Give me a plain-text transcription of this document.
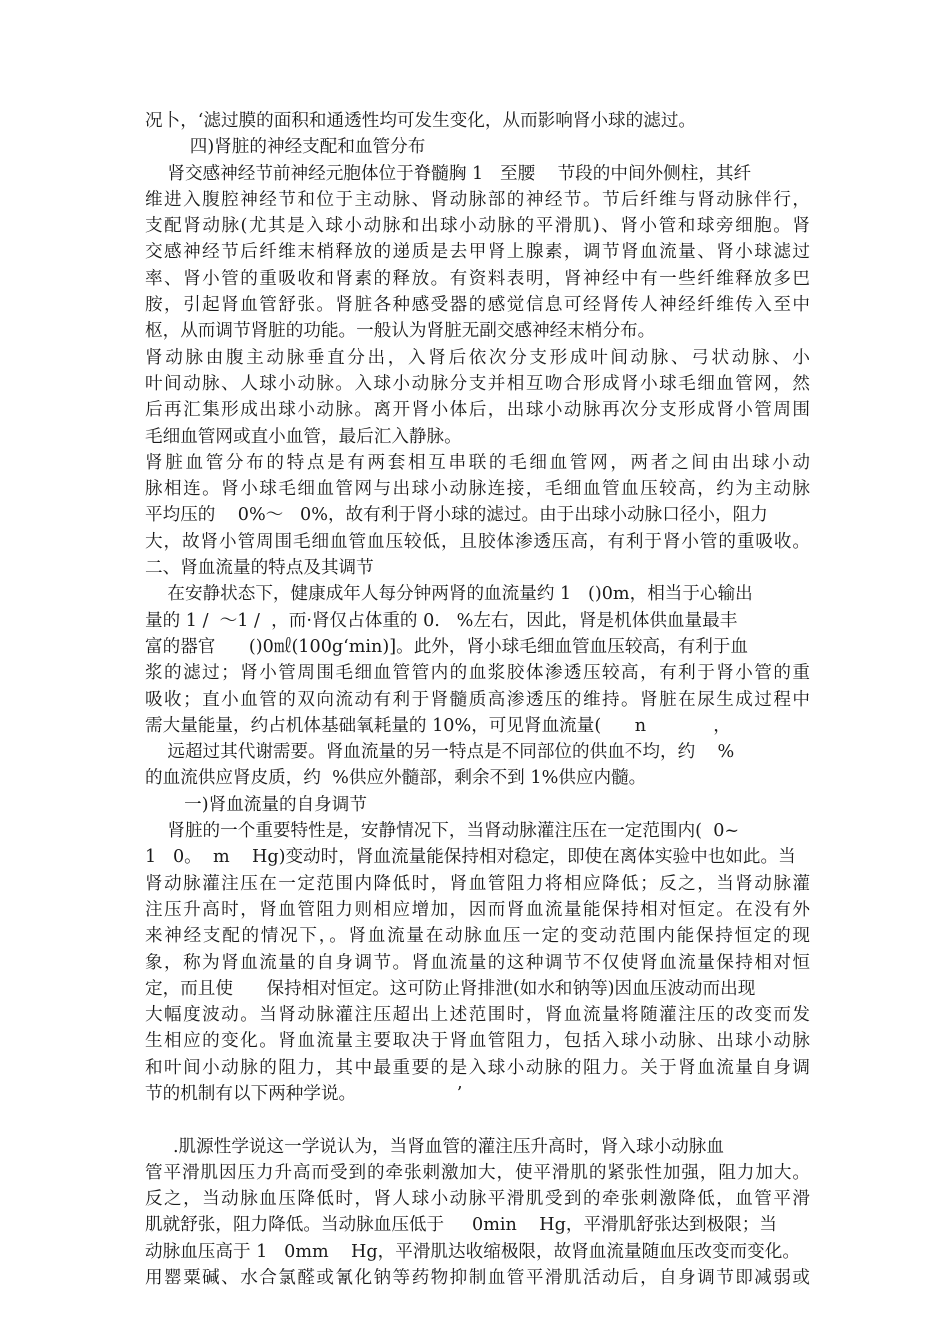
况卜，‘滤过膜的面积和通透性均可发生变化，从而影响肾小球的滤过。
四)肾脏的神经支配和血管分布
肾交感神经节前神经元胞体位于脊髓胸 1   至腰    节段的中间外侧柱，其纤
维进入腹腔神经节和位于主动脉、肾动脉部的神经节。节后纤维与肾动脉伴行，
支配肾动脉(尤其是入球小动脉和出球小动脉的平滑肌)、肾小管和球旁细胞。肾
交感神经节后纤维末梢释放的递质是去甲肾上腺素，调节肾血流量、肾小球滤过
率、肾小管的重吸收和肾素的释放。有资料表明，肾神经中有一些纤维释放多巴
胺，引起肾血管舒张。肾脏各种感受器的感觉信息可经肾传人神经纤维传入至中
枢，从而调节肾脏的功能。一般认为肾脏无副交感神经末梢分布。
肾动脉由腹主动脉垂直分出，入肾后依次分支形成叶间动脉、弓状动脉、小
叶间动脉、人球小动脉。入球小动脉分支并相互吻合形成肾小球毛细血管网，然
后再汇集形成出球小动脉。离开肾小体后，出球小动脉再次分支形成肾小管周围
毛细血管网或直小血管，最后汇入静脉。
肾脏血管分布的特点是有两套相互串联的毛细血管网，两者之间由出球小动
脉相连。肾小球毛细血管网与出球小动脉连接，毛细血管血压较高，约为主动脉
平均压的    0%～   0%，故有利于肾小球的滤过。由于出球小动脉口径小，阻力
大，故肾小管周围毛细血管血压较低，且胶体渗透压高，有利于肾小管的重吸收。
二、肾血流量的特点及其调节
在安静状态下，健康成年人每分钟两肾的血流量约 1   ()0m，相当于心输出
量的 1 /  ～1 /  ，而·肾仅占体重的 0.   %左右，因此，肾是机体供血量最丰
富的器官      ()0㎖(100g‘min)]。此外，肾小球毛细血管血压较高，有利于血
浆的滤过；肾小管周围毛细血管管内的血浆胶体渗透压较高，有利于肾小管的重
吸收；直小血管的双向流动有利于肾髓质高渗透压的维持。肾脏在尿生成过程中
需大量能量，约占机体基础氧耗量的 10%，可见肾血流量(      n            ，
远超过其代谢需要。肾血流量的另一特点是不同部位的供血不均，约    %
的血流供应肾皮质，约  %供应外髓部，剩余不到 1%供应内髓。
一)肾血流量的自身调节
肾脏的一个重要特性是，安静情况下，当肾动脉灌注压在一定范围内(  0~
1   0。  m    Hg)变动时，肾血流量能保持相对稳定，即使在离体实验中也如此。当
肾动脉灌注压在一定范围内降低时，肾血管阻力将相应降低；反之，当肾动脉灌
注压升高时，肾血管阻力则相应增加，因而肾血流量能保持相对恒定。在没有外
来神经支配的情况下，。肾血流量在动脉血压一定的变动范围内能保持恒定的现
象，称为肾血流量的自身调节。肾血流量的这种调节不仅使肾血流量保持相对恒
定，而且使      保持相对恒定。这可防止肾排泄(如水和钠等)因血压波动而出现
大幅度波动。当肾动脉灌注压超出上述范围时，肾血流量将随灌注压的改变而发
生相应的变化。肾血流量主要取决于肾血管阻力，包括入球小动脉、出球小动脉
和叶间小动脉的阻力，其中最重要的是入球小动脉的阻力。关于肾血流量自身调
节的机制有以下两种学说。                  ’
.肌源性学说这一学说认为，当肾血管的灌注压升高时，肾入球小动脉血
管平滑肌因压力升高而受到的牵张刺激加大，使平滑肌的紧张性加强，阻力加大。
反之，当动脉血压降低时，肾人球小动脉平滑肌受到的牵张刺激降低，血管平滑
肌就舒张，阻力降低。当动脉血压低于     0min    Hg，平滑肌舒张达到极限；当
动脉血压高于 1   0mm    Hg，平滑肌达收缩极限，故肾血流量随血压改变而变化。
用罂粟碱、水合氯醛或氰化钠等药物抑制血管平滑肌活动后，自身调节即减弱或
